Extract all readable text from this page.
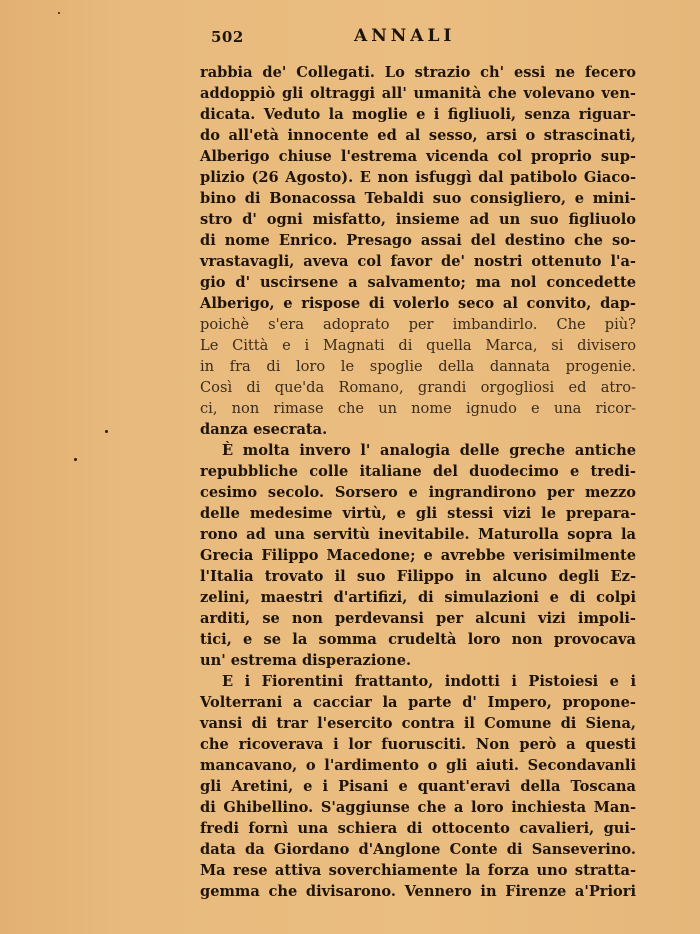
502	ANNALI
rabbia de' Collegati. Lo strazio ch' essi ne fecero
addoppiò gli oltraggi all' umanità che volevano ven-
dicata. Veduto la moglie e i figliuoli, senza riguar-
do all'età innocente ed al sesso, arsi o strascinati,
Alberigo chiuse l'estrema vicenda col proprio sup-
plizio (26 Agosto). E non isfuggì dal patibolo Giaco-
bino di Bonacossa Tebaldi suo consigliero, e mini-
stro d' ogni misfatto, insieme ad un suo figliuolo
di nome Enrico. Presago assai del destino che so-
vrastavagli, aveva col favor de' nostri ottenuto l'a-
gio d' uscirsene a salvamento; ma nol concedette
Alberigo, e rispose di volerlo seco al convito, dap-
poichè s'era adoprato per imbandirlo. Che più?
Le Città e i Magnati di quella Marca, si divisero
in fra di loro le spoglie della dannata progenie.
Così di que'da Romano, grandi orgogliosi ed atro-
ci, non rimase che un nome ignudo e una ricor-
danza esecrata.
È molta invero l' analogia delle greche antiche
repubbliche colle italiane del duodecimo e tredi-
cesimo secolo. Sorsero e ingrandirono per mezzo
delle medesime virtù, e gli stessi vizi le prepara-
rono ad una servitù inevitabile. Maturolla sopra la
Grecia Filippo Macedone; e avrebbe verisimilmente
l'Italia trovato il suo Filippo in alcuno degli Ez-
zelini, maestri d'artifizi, di simulazioni e di colpi
arditi, se non perdevansi per alcuni vizi impoli-
tici, e se la somma crudeltà loro non provocava
un' estrema disperazione.
E i Fiorentini frattanto, indotti i Pistoiesi e i
Volterrani a cacciar la parte d' Impero, propone-
vansi di trar l'esercito contra il Comune di Siena,
che ricoverava i lor fuorusciti. Non però a questi
mancavano, o l'ardimento o gli aiuti. Secondavanli
gli Aretini, e i Pisani e quant'eravi della Toscana
di Ghibellino. S'aggiunse che a loro inchiesta Man-
fredi fornì una schiera di ottocento cavalieri, gui-
data da Giordano d'Anglone Conte di Sanseverino.
Ma rese attiva soverchiamente la forza uno stratta-
gemma che divisarono. Vennero in Firenze a'Priori
